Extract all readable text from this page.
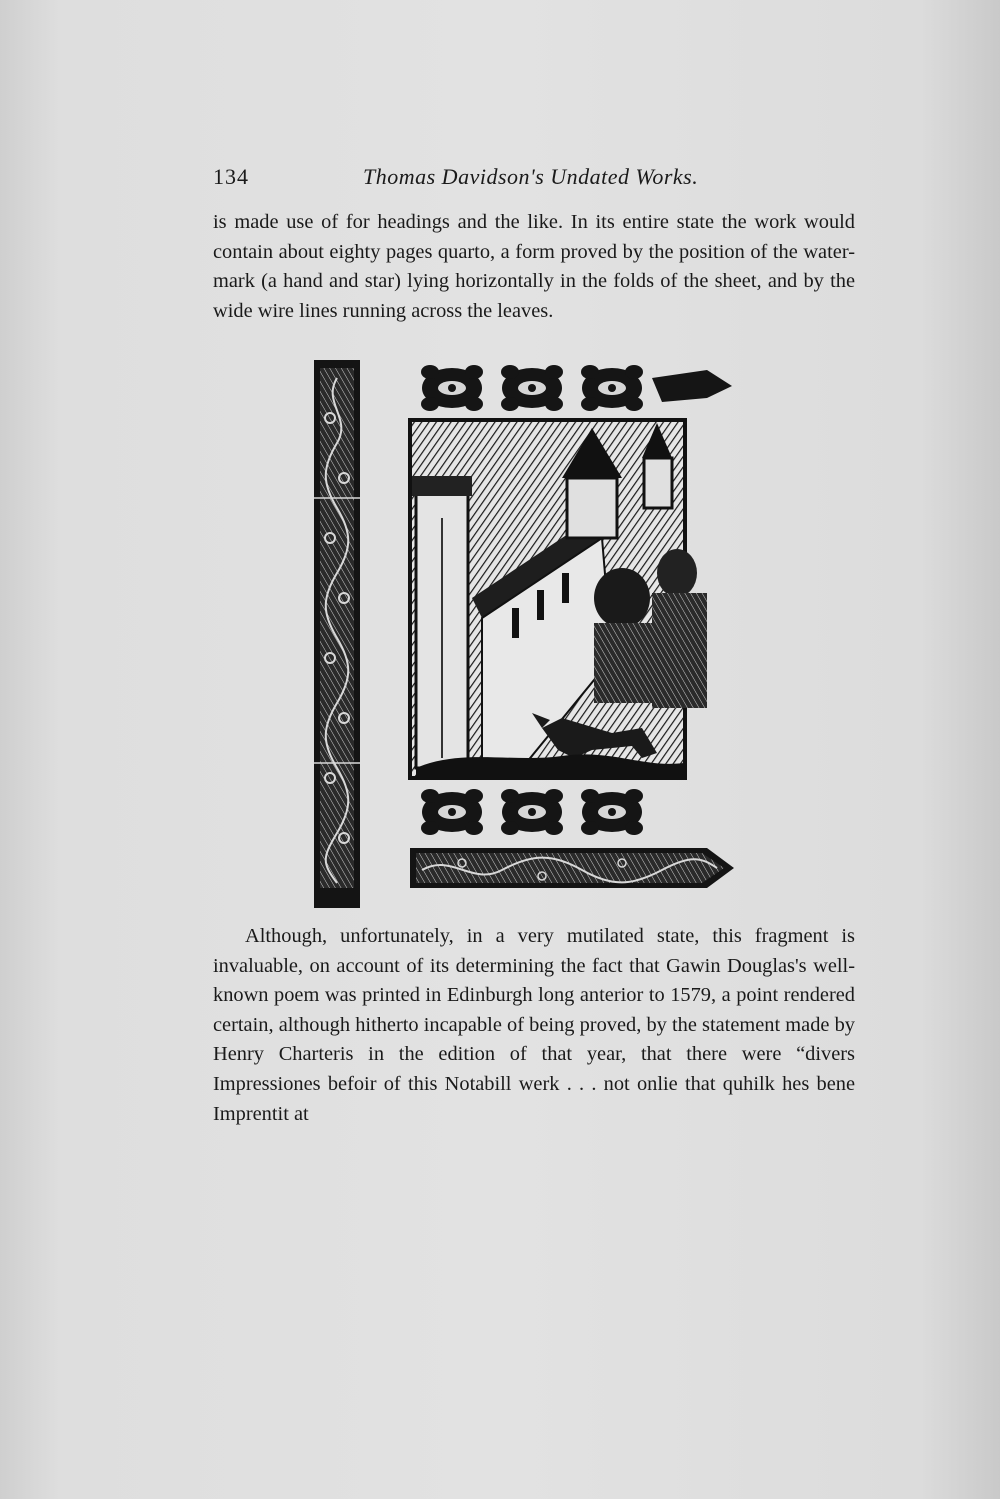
134	Thomas Davidson's Undated Works.

is made use of for headings and the like. In its entire state the work would contain about eighty pages quarto, a form proved by the position of the water-mark (a hand and star) lying horizontally in the folds of the sheet, and by the wide wire lines running across the leaves.

Although, unfortunately, in a very mutilated state, this fragment is invaluable, on account of its determining the fact that Gawin Douglas's well-known poem was printed in Edinburgh long anterior to 1579, a point rendered certain, although hitherto incapable of being proved, by the statement made by Henry Charteris in the edition of that year, that there were “divers Impressiones befoir of this Notabill werk . . . not onlie that quhilk hes bene Imprentit at
